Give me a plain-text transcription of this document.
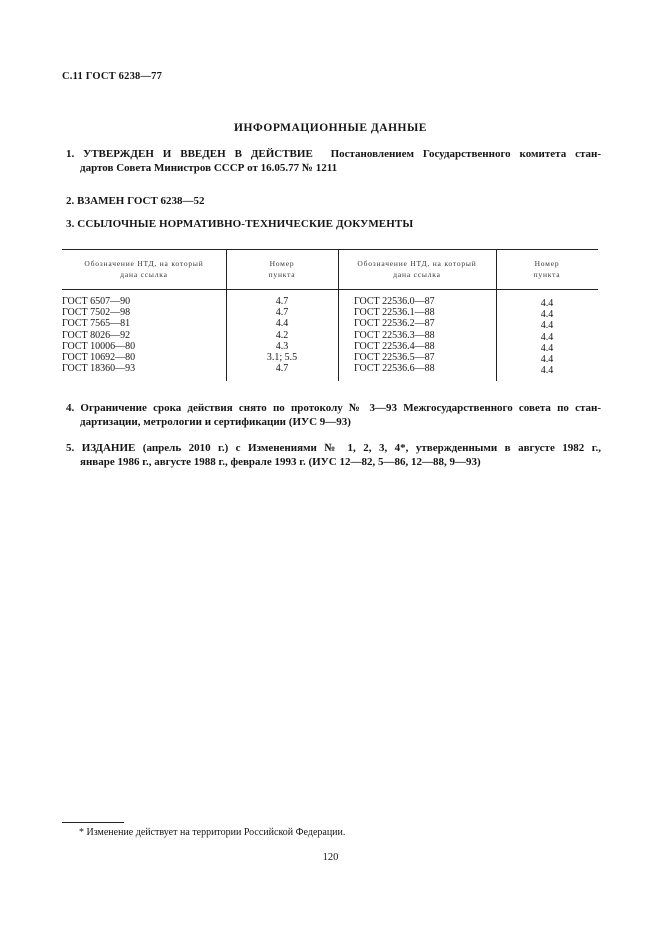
С.11 ГОСТ 6238—77
ИНФОРМАЦИОННЫЕ ДАННЫЕ
1. УТВЕРЖДЕН И ВВЕДЕН В ДЕЙСТВИЕ Постановлением Государственного комитета стан-
дартов Совета Министров СССР от 16.05.77 № 1211
2. ВЗАМЕН ГОСТ 6238—52
3. ССЫЛОЧНЫЕ НОРМАТИВНО-ТЕХНИЧЕСКИЕ ДОКУМЕНТЫ
Обозначение НТД, на который
дана ссылка
Номер
пункта
Обозначение НТД, на который
дана ссылка
Номер
пункта
ГОСТ 6507—90
ГОСТ 7502—98
ГОСТ 7565—81
ГОСТ 8026—92
ГОСТ 10006—80
ГОСТ 10692—80
ГОСТ 18360—93
4.7
4.7
4.4
4.2
4.3
3.1; 5.5
4.7
ГОСТ 22536.0—87
ГОСТ 22536.1—88
ГОСТ 22536.2—87
ГОСТ 22536.3—88
ГОСТ 22536.4—88
ГОСТ 22536.5—87
ГОСТ 22536.6—88
4.4
4.4
4.4
4.4
4.4
4.4
4.4
4. Ограничение срока действия снято по протоколу № 3—93 Межгосударственного совета по стан-
дартизации, метрологии и сертификации (ИУС 9—93)
5. ИЗДАНИЕ (апрель 2010 г.) с Изменениями № 1, 2, 3, 4*, утвержденными в августе 1982 г.,
январе 1986 г., августе 1988 г., феврале 1993 г. (ИУС 12—82, 5—86, 12—88, 9—93)
* Изменение действует на территории Российской Федерации.
120
